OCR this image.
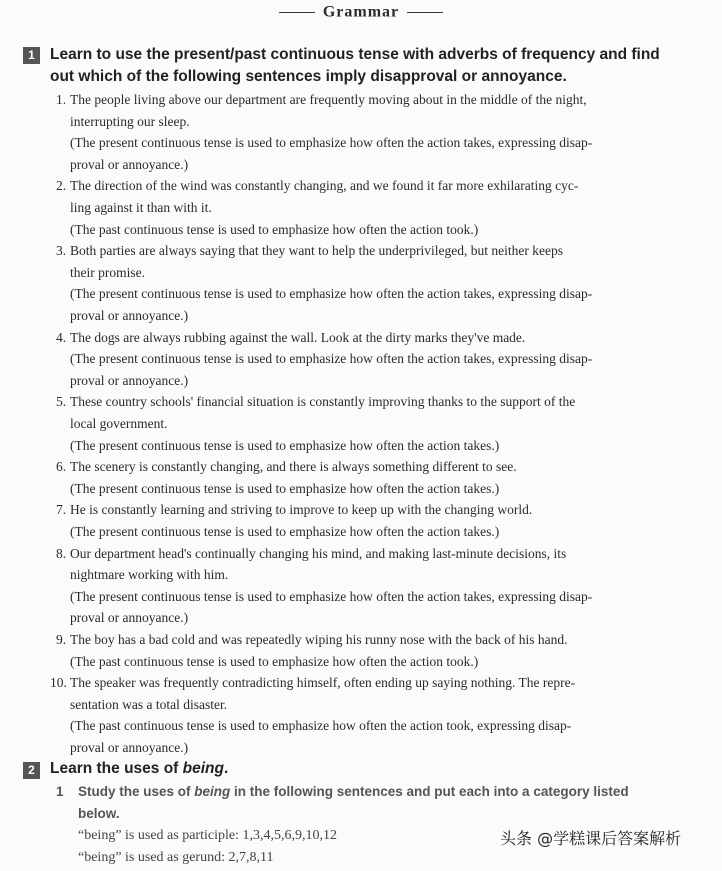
Grammar
1 Learn to use the present/past continuous tense with adverbs of frequency and find
out which of the following sentences imply disapproval or annoyance.
1. The people living above our department are frequently moving about in the middle of the night,
interrupting our sleep.
(The present continuous tense is used to emphasize how often the action takes, expressing disap-
proval or annoyance.)
2. The direction of the wind was constantly changing, and we found it far more exhilarating cyc-
ling against it than with it.
(The past continuous tense is used to emphasize how often the action took.)
3. Both parties are always saying that they want to help the underprivileged, but neither keeps
their promise.
(The present continuous tense is used to emphasize how often the action takes, expressing disap-
proval or annoyance.)
4. The dogs are always rubbing against the wall. Look at the dirty marks they've made.
(The present continuous tense is used to emphasize how often the action takes, expressing disap-
proval or annoyance.)
5. These country schools' financial situation is constantly improving thanks to the support of the
local government.
(The present continuous tense is used to emphasize how often the action takes.)
6. The scenery is constantly changing, and there is always something different to see.
(The present continuous tense is used to emphasize how often the action takes.)
7. He is constantly learning and striving to improve to keep up with the changing world.
(The present continuous tense is used to emphasize how often the action takes.)
8. Our department head's continually changing his mind, and making last-minute decisions, its
nightmare working with him.
(The present continuous tense is used to emphasize how often the action takes, expressing disap-
proval or annoyance.)
9. The boy has a bad cold and was repeatedly wiping his runny nose with the back of his hand.
(The past continuous tense is used to emphasize how often the action took.)
10. The speaker was frequently contradicting himself, often ending up saying nothing. The repre-
sentation was a total disaster.
(The past continuous tense is used to emphasize how often the action took, expressing disap-
proval or annoyance.)
2 Learn the uses of being.
1 Study the uses of being in the following sentences and put each into a category listed
below.
“being” is used as participle: 1,3,4,5,6,9,10,12
“being” is used as gerund: 2,7,8,11
头条 @学糕课后答案解析
